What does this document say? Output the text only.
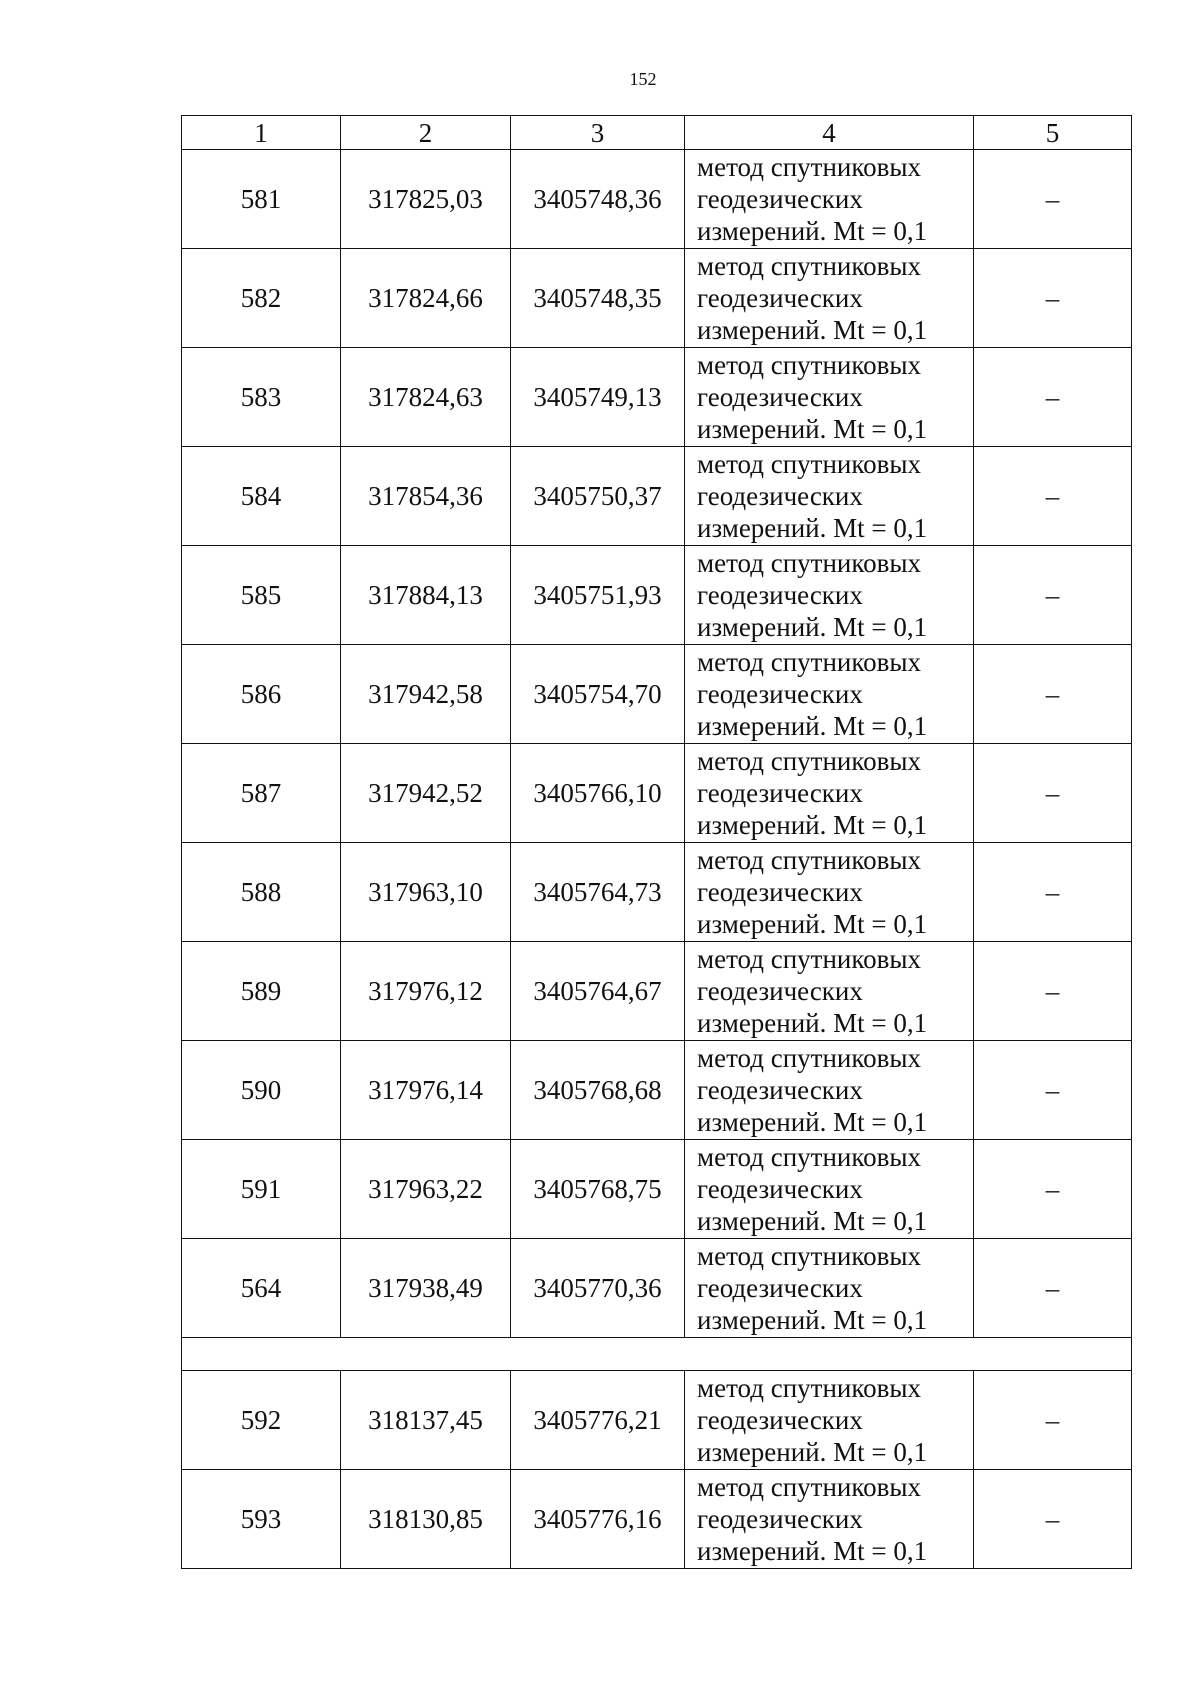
152
1	2	3	4	5
581	317825,03	3405748,36	метод спутниковых геодезических измерений. Mt = 0,1	–
582	317824,66	3405748,35	метод спутниковых геодезических измерений. Mt = 0,1	–
583	317824,63	3405749,13	метод спутниковых геодезических измерений. Mt = 0,1	–
584	317854,36	3405750,37	метод спутниковых геодезических измерений. Mt = 0,1	–
585	317884,13	3405751,93	метод спутниковых геодезических измерений. Mt = 0,1	–
586	317942,58	3405754,70	метод спутниковых геодезических измерений. Mt = 0,1	–
587	317942,52	3405766,10	метод спутниковых геодезических измерений. Mt = 0,1	–
588	317963,10	3405764,73	метод спутниковых геодезических измерений. Mt = 0,1	–
589	317976,12	3405764,67	метод спутниковых геодезических измерений. Mt = 0,1	–
590	317976,14	3405768,68	метод спутниковых геодезических измерений. Mt = 0,1	–
591	317963,22	3405768,75	метод спутниковых геодезических измерений. Mt = 0,1	–
564	317938,49	3405770,36	метод спутниковых геодезических измерений. Mt = 0,1	–

592	318137,45	3405776,21	метод спутниковых геодезических измерений. Mt = 0,1	–
593	318130,85	3405776,16	метод спутниковых геодезических измерений. Mt = 0,1	–
